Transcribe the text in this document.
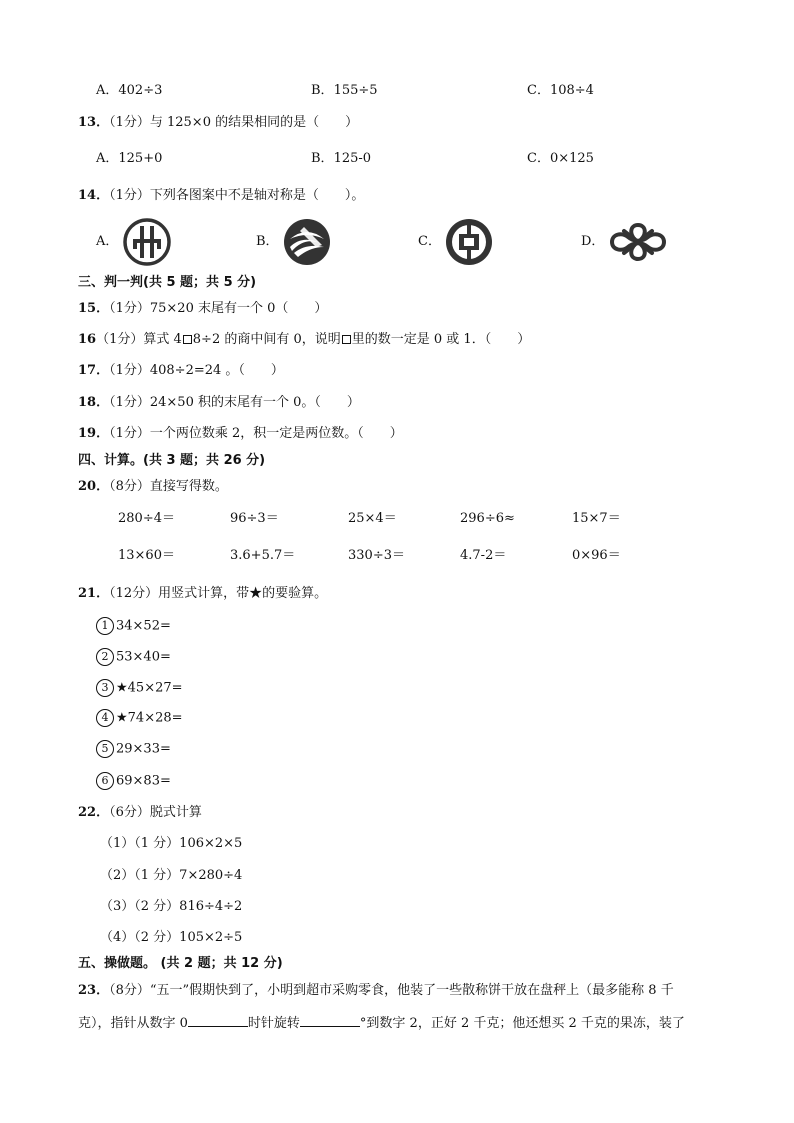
A．402÷3	B．155÷5	C．108÷4
13．（1分）与 125×0 的结果相同的是（　　）
A．125+0	B．125-0	C．0×125
14．（1分）下列各图案中不是轴对称是（　　）。
A．	B．	C．	D．
三、判一判(共 5 题；共 5 分)
15．（1分）75×20 末尾有一个 0（　　）
16（1分）算式 4 8÷2 的商中间有 0，说明 里的数一定是 0 或 1．（　　）
17．（1分）408÷2=24 。（　　）
18．（1分）24×50 积的末尾有一个 0。（　　）
19．（1分）一个两位数乘 2，积一定是两位数。（　　）
四、计算。(共 3 题；共 26 分)
20．（8分）直接写得数。
280÷4＝	96÷3＝	25×4＝	296÷6≈	15×7＝
13×60＝	3.6+5.7＝	330÷3＝	4.7-2＝	0×96＝
21．（12分）用竖式计算，带★的要验算。
1 34×52=
2 53×40=
3 ★45×27=
4 ★74×28=
5 29×33=
6 69×83=
22．（6分）脱式计算
（1）（1 分）106×2×5
（2）（1 分）7×280÷4
（3）（2 分）816÷4÷2
（4）（2 分）105×2÷5
五、操做题。 (共 2 题；共 12 分)
23．（8分）“五一”假期快到了，小明到超市采购零食，他装了一些散称饼干放在盘秤上（最多能称 8 千
克），指针从数字 0	时针旋转	°到数字 2，正好 2 千克；他还想买 2 千克的果冻，装了
